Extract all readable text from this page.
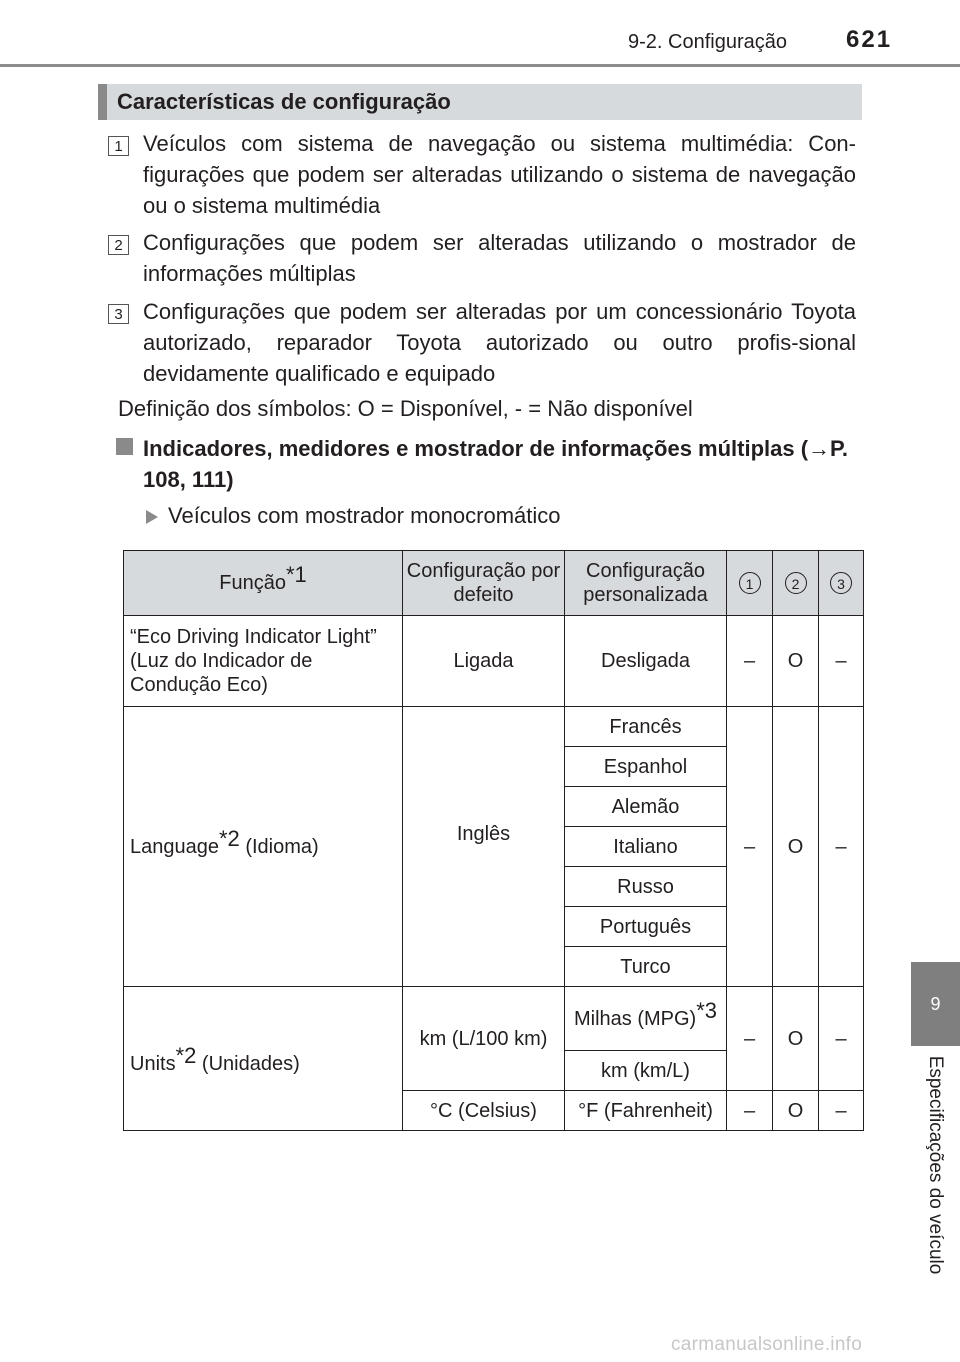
9-2. Configuração 621
9
Especificações do veículo
Características de configuração
1 Veículos com sistema de navegação ou sistema multimédia: Con-figurações que podem ser alteradas utilizando o sistema de navegação ou o sistema multimédia
2 Configurações que podem ser alteradas utilizando o mostrador de informações múltiplas
3 Configurações que podem ser alteradas por um concessionário Toyota autorizado, reparador Toyota autorizado ou outro profis-sional devidamente qualificado e equipado
Definição dos símbolos: O = Disponível, - = Não disponível
Indicadores, medidores e mostrador de informações múltiplas (→P. 108, 111)
Veículos com mostrador monocromático
Função$^{*1}$	Configuração por defeito	Configuração personalizada	1	2	3
“Eco Driving Indicator Light” (Luz do Indicador de Condução Eco)	Ligada	Desligada	–	O	–
Language$^{*2}$ (Idioma)	Inglês	Francês	–	O	–
		Espanhol			
		Alemão			
		Italiano			
		Russo			
		Português			
		Turco			
Units$^{*2}$ (Unidades)	km (L/100 km)	Milhas (MPG)$^{*3}$	–	O	–
		km (km/L)			
	°C (Celsius)	°F (Fahrenheit)	–	O	–
carmanualsonline.info
